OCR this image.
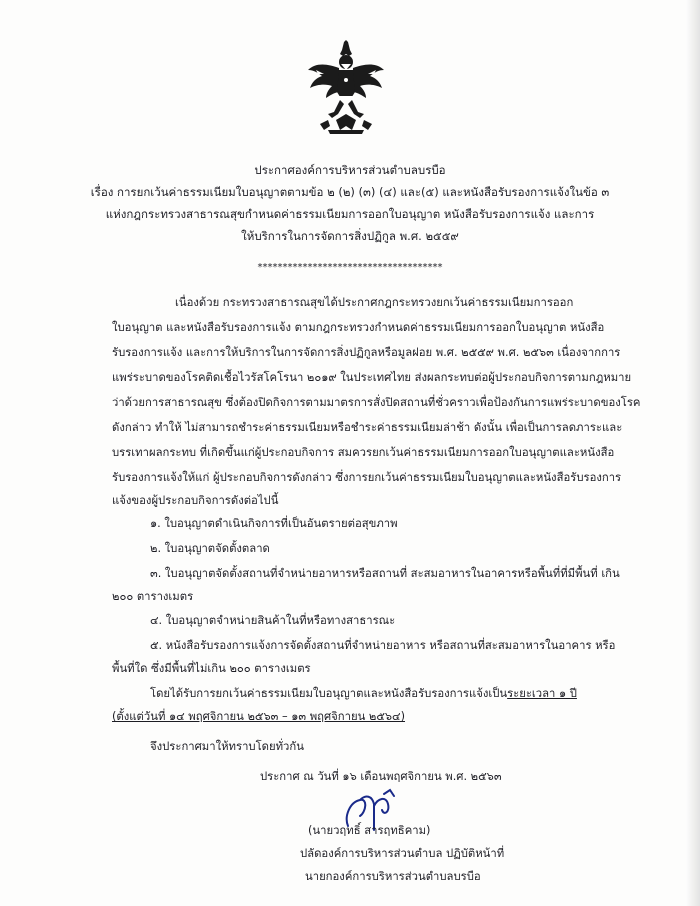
ประกาศองค์การบริหารส่วนตำบลบรบือ
เรื่อง การยกเว้นค่าธรรมเนียมใบอนุญาตตามข้อ ๒ (๒) (๓) (๔) และ(๕) และหนังสือรับรองการแจ้งในข้อ ๓
แห่งกฎกระทรวงสาธารณสุขกำหนดค่าธรรมเนียมการออกใบอนุญาต หนังสือรับรองการแจ้ง และการ
ให้บริการในการจัดการสิ่งปฏิกูล พ.ศ. ๒๕๕๙
*************************************
เนื่องด้วย กระทรวงสาธารณสุขได้ประกาศกฎกระทรวงยกเว้นค่าธรรมเนียมการออก
ใบอนุญาต และหนังสือรับรองการแจ้ง ตามกฎกระทรวงกำหนดค่าธรรมเนียมการออกใบอนุญาต หนังสือ
รับรองการแจ้ง และการให้บริการในการจัดการสิ่งปฏิกูลหรือมูลฝอย พ.ศ. ๒๕๕๙ พ.ศ. ๒๕๖๓ เนื่องจากการ
แพร่ระบาดของโรคติดเชื้อไวรัสโคโรนา ๒๐๑๙ ในประเทศไทย ส่งผลกระทบต่อผู้ประกอบกิจการตามกฎหมาย
ว่าด้วยการสาธารณสุข ซึ่งต้องปิดกิจการตามมาตรการสั่งปิดสถานที่ชั่วคราวเพื่อป้องกันการแพร่ระบาดของโรค
ดังกล่าว ทำให้ ไม่สามารถชำระค่าธรรมเนียมหรือชำระค่าธรรมเนียมล่าช้า ดังนั้น เพื่อเป็นการลดภาระและ
บรรเทาผลกระทบ ที่เกิดขึ้นแก่ผู้ประกอบกิจการ สมควรยกเว้นค่าธรรมเนียมการออกใบอนุญาตและหนังสือ
รับรองการแจ้งให้แก่ ผู้ประกอบกิจการดังกล่าว ซึ่งการยกเว้นค่าธรรมเนียมใบอนุญาตและหนังสือรับรองการ
แจ้งของผู้ประกอบกิจการดังต่อไปนี้
๑. ใบอนุญาตดำเนินกิจการที่เป็นอันตรายต่อสุขภาพ
๒. ใบอนุญาตจัดตั้งตลาด
๓. ใบอนุญาตจัดตั้งสถานที่จำหน่ายอาหารหรือสถานที่ สะสมอาหารในอาคารหรือพื้นที่ที่มีพื้นที่ เกิน
๒๐๐ ตารางเมตร
๔. ใบอนุญาตจำหน่ายสินค้าในที่หรือทางสาธารณะ
๕. หนังสือรับรองการแจ้งการจัดตั้งสถานที่จำหน่ายอาหาร หรือสถานที่สะสมอาหารในอาคาร หรือ
พื้นที่ใด ซึ่งมีพื้นที่ไม่เกิน ๒๐๐ ตารางเมตร
โดยได้รับการยกเว้นค่าธรรมเนียมใบอนุญาตและหนังสือรับรองการแจ้งเป็นระยะเวลา ๑ ปี
(ตั้งแต่วันที่ ๑๔ พฤศจิกายน ๒๕๖๓ – ๑๓ พฤศจิกายน ๒๕๖๔)
จึงประกาศมาให้ทราบโดยทั่วกัน
ประกาศ ณ วันที่ ๑๖ เดือนพฤศจิกายน พ.ศ. ๒๕๖๓
(นายวฤทธิ์ สารฤทธิคาม)
ปลัดองค์การบริหารส่วนตำบล ปฏิบัติหน้าที่
นายกองค์การบริหารส่วนตำบลบรบือ
